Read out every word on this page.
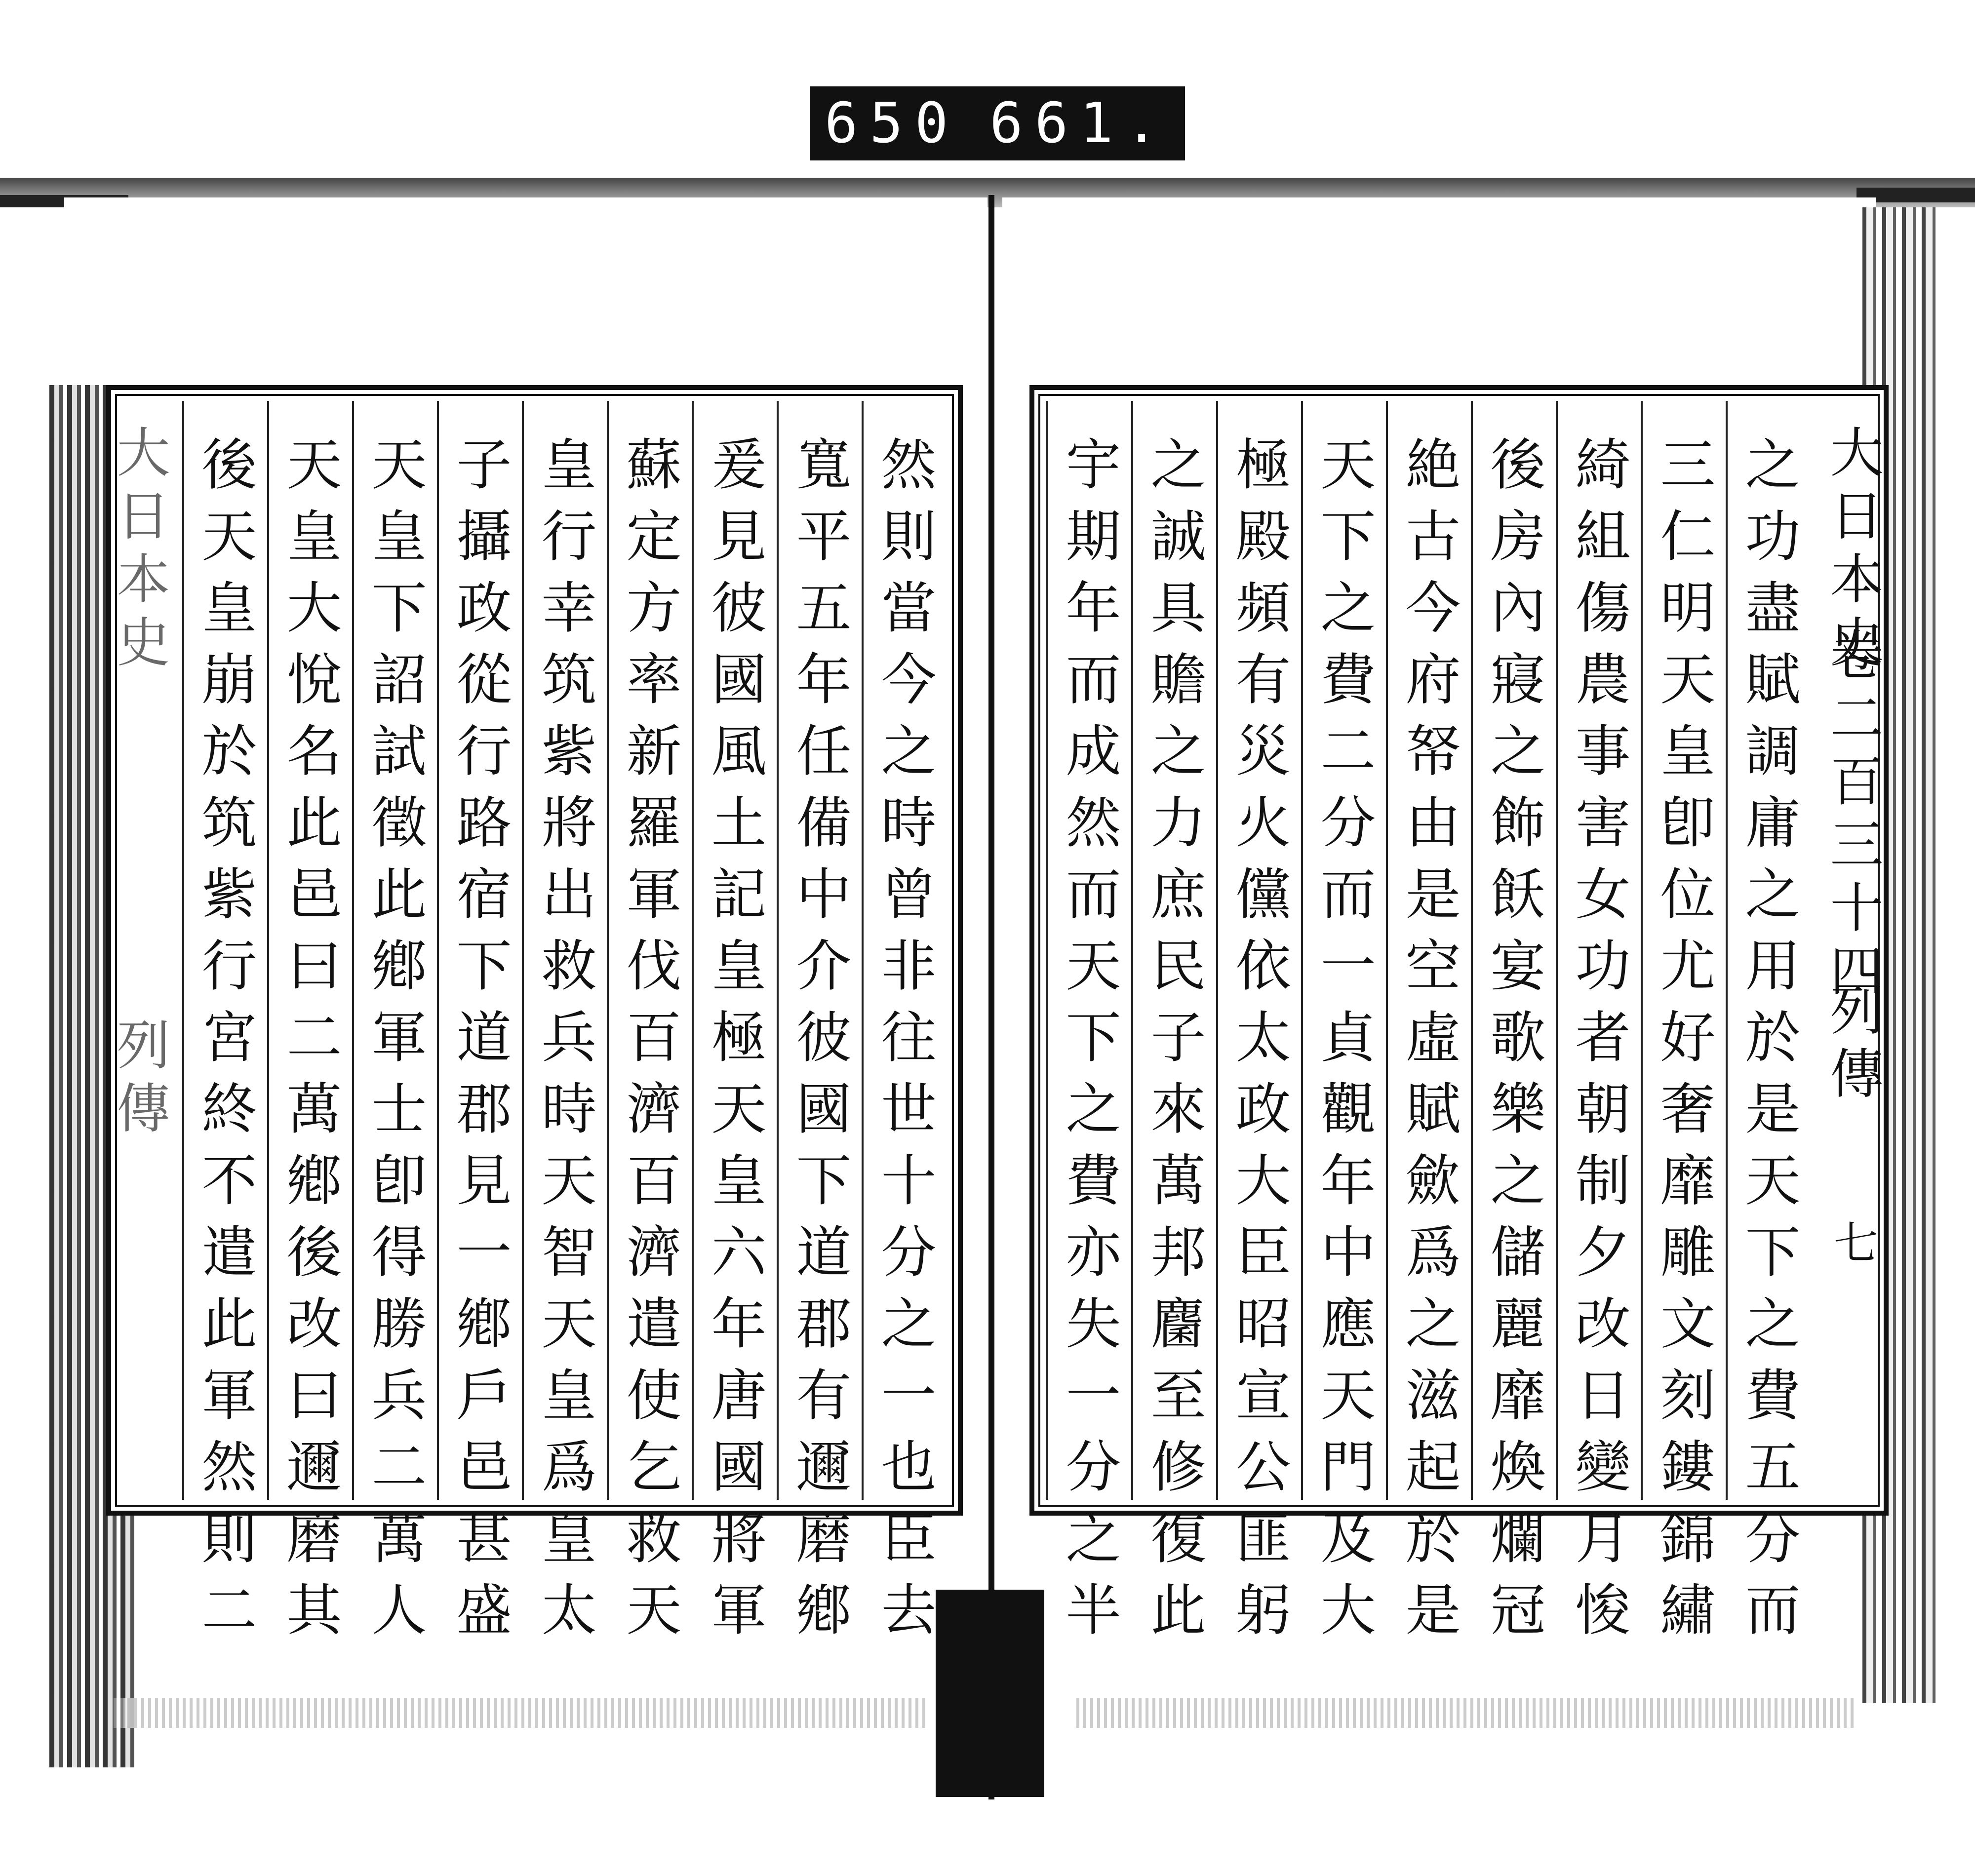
650 661.
然則當今之時曾非往世十分之一也臣去
寬平五年任備中介彼國下道郡有邇磨鄕
爰見彼國風土記皇極天皇六年唐國將軍
蘇定方率新羅軍伐百濟百濟遣使乞救天
皇行幸筑紫將出救兵時天智天皇爲皇太
子攝政從行路宿下道郡見一鄕戶邑甚盛
天皇下詔試徵此鄕軍士卽得勝兵二萬人
天皇大悅名此邑曰二萬鄕後改曰邇磨其
後天皇崩於筑紫行宮終不遣此軍然則二	之功盡賦調庸之用於是天下之費五分而
三仁明天皇卽位尤好奢靡雕文刻鏤錦繡
綺組傷農事害女功者朝制夕改日變月悛
後房內寢之飾飫宴歌樂之儲麗靡煥爛冠
絶古今府帑由是空虛賦歛爲之滋起於是
天下之費二分而一貞觀年中應天門及大
極殿頻有災火儻依太政大臣昭宣公匪躬
之誠具贍之力庶民子來萬邦麕至修復此
宇期年而成然而天下之費亦失一分之半	大日本史
卷二百三十四
列傳
七
大日本史
列傳
